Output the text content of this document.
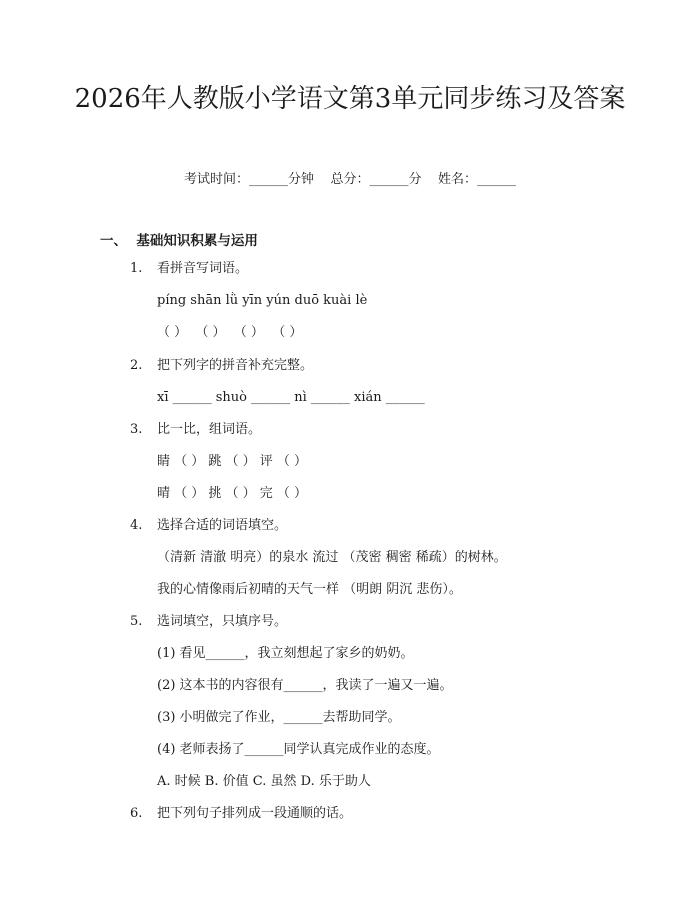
2026年人教版小学语文第3单元同步练习及答案
考试时间：______分钟    总分：______分    姓名：______
一、  基础知识积累与运用
1. 看拼音写词语。
píng shān lǜ yīn yún duō kuài lè
（ ）  （ ）  （ ）  （ ）
2. 把下列字的拼音补充完整。
xī ______ shuò ______ nì ______ xián ______
3. 比一比，组词语。
睛 （ ） 跳 （ ） 评 （ ）
晴 （ ） 挑 （ ） 完 （ ）
4. 选择合适的词语填空。
（清新 清澈 明亮）的泉水 流过 （茂密 稠密 稀疏）的树林。
我的心情像雨后初晴的天气一样 （明朗 阴沉 悲伤）。
5. 选词填空，只填序号。
(1) 看见______，我立刻想起了家乡的奶奶。
(2) 这本书的内容很有______，我读了一遍又一遍。
(3) 小明做完了作业，______去帮助同学。
(4) 老师表扬了______同学认真完成作业的态度。
A. 时候 B. 价值 C. 虽然 D. 乐于助人
6. 把下列句子排列成一段通顺的话。
